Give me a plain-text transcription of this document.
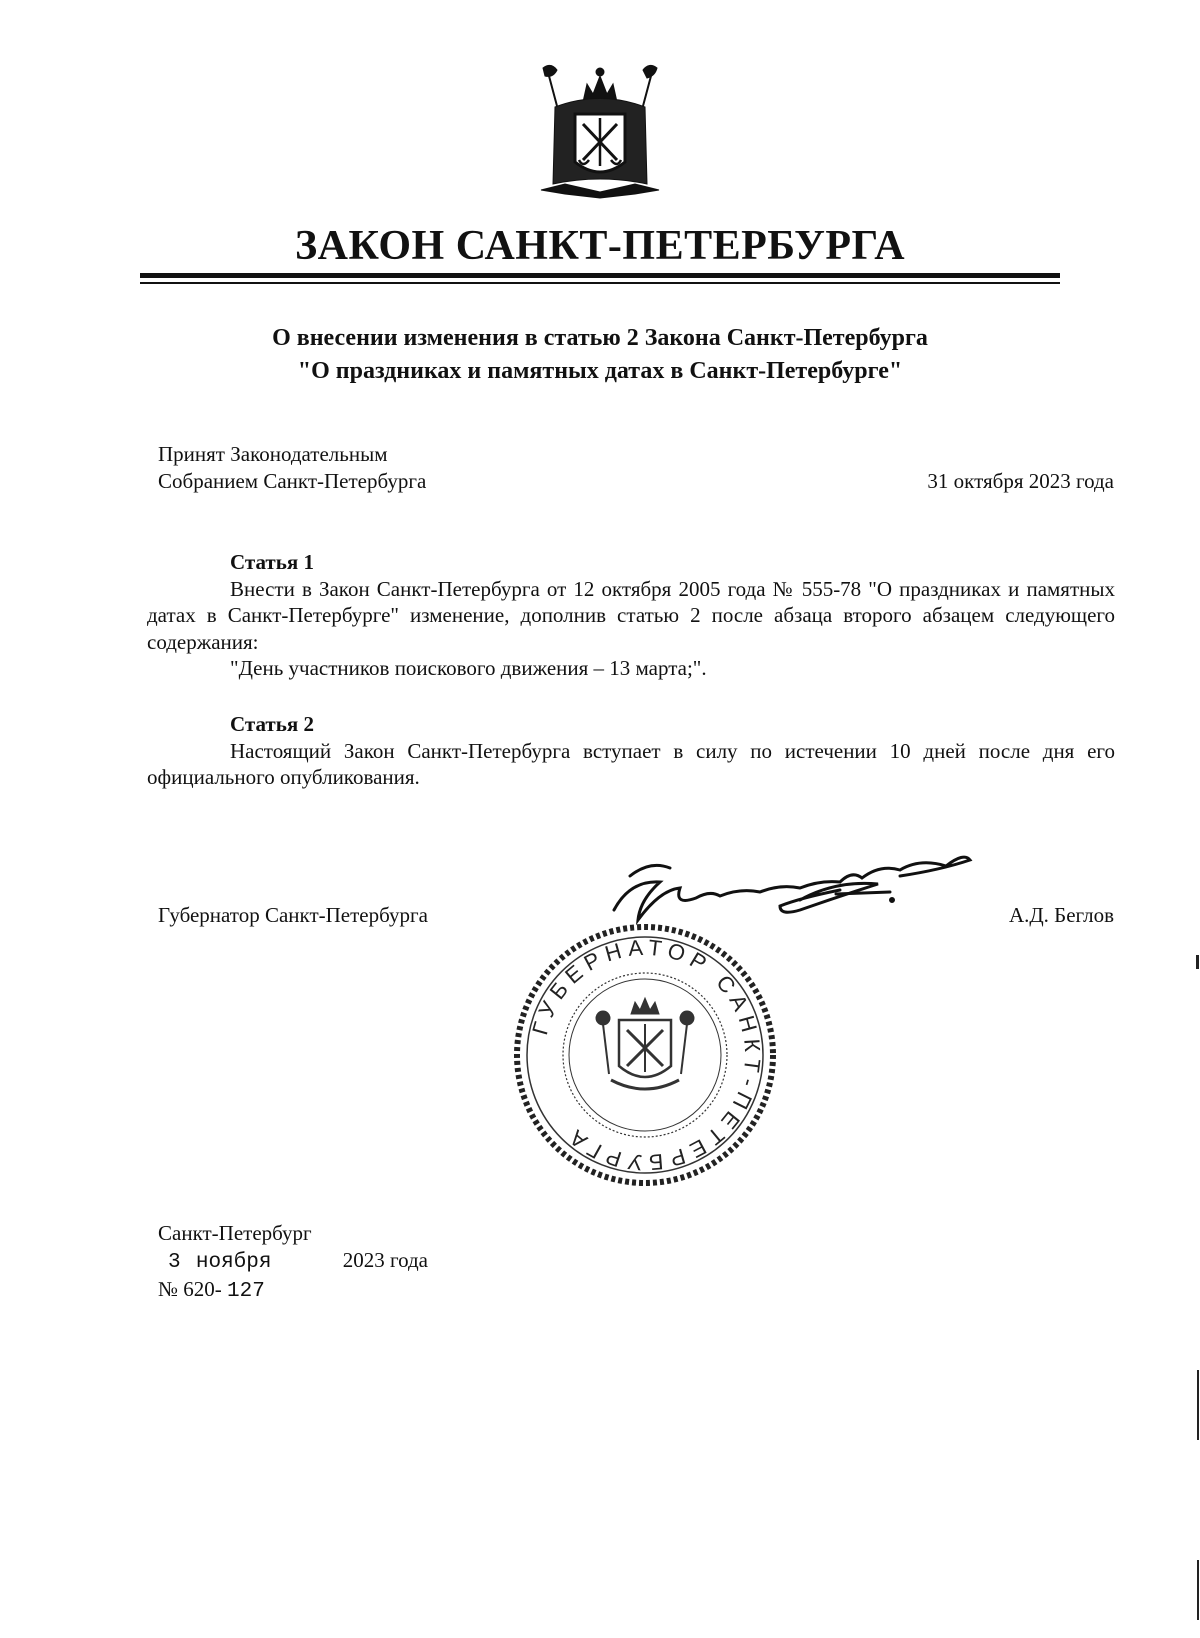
ЗАКОН САНКТ-ПЕТЕРБУРГА
О внесении изменения в статью 2 Закона Санкт-Петербурга
"О праздниках и памятных датах в Санкт-Петербурге"
Принят Законодательным
Собранием Санкт-Петербурга	31 октября 2023 года
Статья 1
Внести в Закон Санкт-Петербурга от 12 октября 2005 года № 555-78 "О праздниках и памятных датах в Санкт-Петербурге" изменение, дополнив статью 2 после абзаца второго абзацем следующего содержания:
"День участников поискового движения – 13 марта;".
Статья 2
Настоящий Закон Санкт-Петербурга вступает в силу по истечении 10 дней после дня его официального опубликования.
Губернатор Санкт-Петербурга	А.Д. Беглов
ГУБЕРНАТОР САНКТ-ПЕТЕРБУРГА
Санкт-Петербург
3 ноября	2023 года
№ 620- 127
